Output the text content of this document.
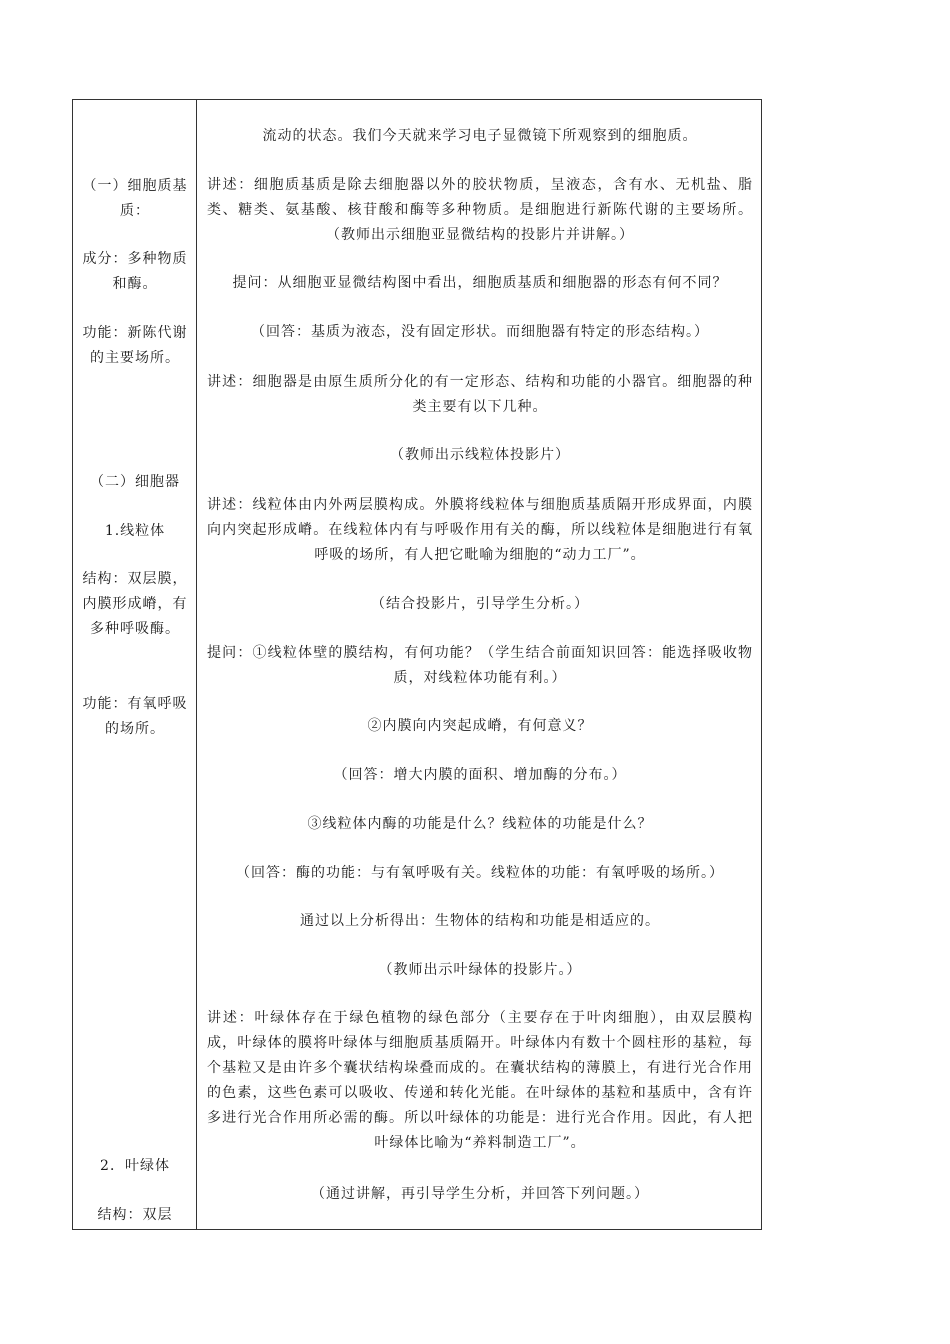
（一）细胞质基质：

成分：多种物质和酶。

功能：新陈代谢的主要场所。

（二）细胞器

1.线粒体

结构：双层膜，内膜形成嵴，有多种呼吸酶。

功能：有氧呼吸的场所。

2．叶绿体

结构：双层

流动的状态。我们今天就来学习电子显微镜下所观察到的细胞质。

讲述：细胞质基质是除去细胞器以外的胶状物质，呈液态，含有水、无机盐、脂类、糖类、氨基酸、核苷酸和酶等多种物质。是细胞进行新陈代谢的主要场所。（教师出示细胞亚显微结构的投影片并讲解。）

提问：从细胞亚显微结构图中看出，细胞质基质和细胞器的形态有何不同？

（回答：基质为液态，没有固定形状。而细胞器有特定的形态结构。）

讲述：细胞器是由原生质所分化的有一定形态、结构和功能的小器官。细胞器的种类主要有以下几种。

（教师出示线粒体投影片）

讲述：线粒体由内外两层膜构成。外膜将线粒体与细胞质基质隔开形成界面，内膜向内突起形成嵴。在线粒体内有与呼吸作用有关的酶，所以线粒体是细胞进行有氧呼吸的场所，有人把它毗喻为细胞的“动力工厂”。

（结合投影片，引导学生分析。）

提问：①线粒体壁的膜结构，有何功能？（学生结合前面知识回答：能选择吸收物质，对线粒体功能有利。）

②内膜向内突起成嵴，有何意义？

（回答：增大内膜的面积、增加酶的分布。）

③线粒体内酶的功能是什么？线粒体的功能是什么？

（回答：酶的功能：与有氧呼吸有关。线粒体的功能：有氧呼吸的场所。）

通过以上分析得出：生物体的结构和功能是相适应的。

（教师出示叶绿体的投影片。）

讲述：叶绿体存在于绿色植物的绿色部分（主要存在于叶肉细胞），由双层膜构成，叶绿体的膜将叶绿体与细胞质基质隔开。叶绿体内有数十个圆柱形的基粒，每个基粒又是由许多个囊状结构垛叠而成的。在囊状结构的薄膜上，有进行光合作用的色素，这些色素可以吸收、传递和转化光能。在叶绿体的基粒和基质中，含有许多进行光合作用所必需的酶。所以叶绿体的功能是：进行光合作用。因此，有人把叶绿体比喻为“养料制造工厂”。

（通过讲解，再引导学生分析，并回答下列问题。）
